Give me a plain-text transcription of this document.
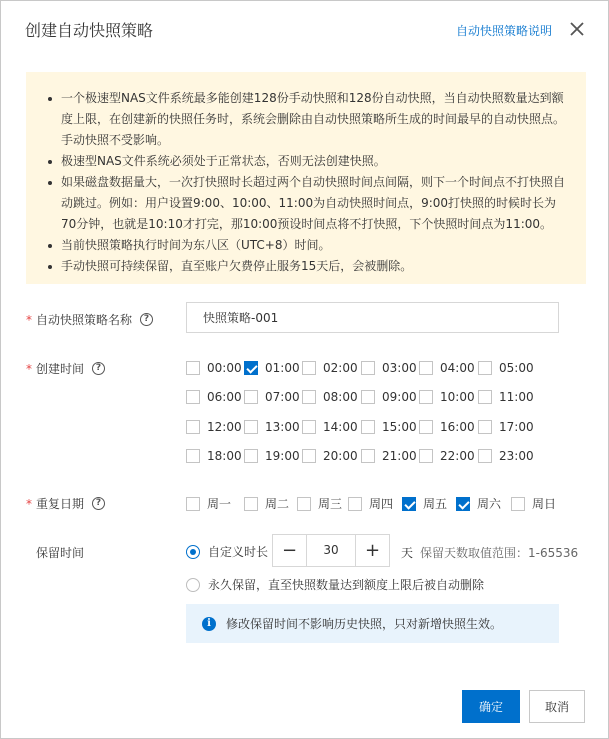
创建自动快照策略	自动快照策略说明
一个极速型NAS文件系统最多能创建128份手动快照和128份自动快照，当自动快照数量达到额度上限，在创建新的快照任务时，系统会删除由自动快照策略所生成的时间最早的自动快照点。手动快照不受影响。
极速型NAS文件系统必须处于正常状态，否则无法创建快照。
如果磁盘数据量大，一次打快照时长超过两个自动快照时间点间隔，则下一个时间点不打快照自动跳过。例如：用户设置9:00、10:00、11:00为自动快照时间点，9:00打快照的时候时长为70分钟，也就是10:10才打完，那10:00预设时间点将不打快照，下个快照时间点为11:00。
当前快照策略执行时间为东八区（UTC+8）时间。
手动快照可持续保留，直至账户欠费停止服务15天后，会被删除。
* 自动快照策略名称	?
快照策略-001
* 创建时间	?	00:00 01:00 02:00 03:00 04:00 05:00
06:00 07:00 08:00 09:00 10:00 11:00
12:00 13:00 14:00 15:00 16:00 17:00
18:00 19:00 20:00 21:00 22:00 23:00
* 重复日期	?	周一	周二 周三 周四 周五 周六	周日
保留时间	自定义时长 −	30	+	天 保留天数取值范围：1-65536
永久保留，直至快照数量达到额度上限后被自动删除
i	修改保留时间不影响历史快照，只对新增快照生效。
确定	取消
